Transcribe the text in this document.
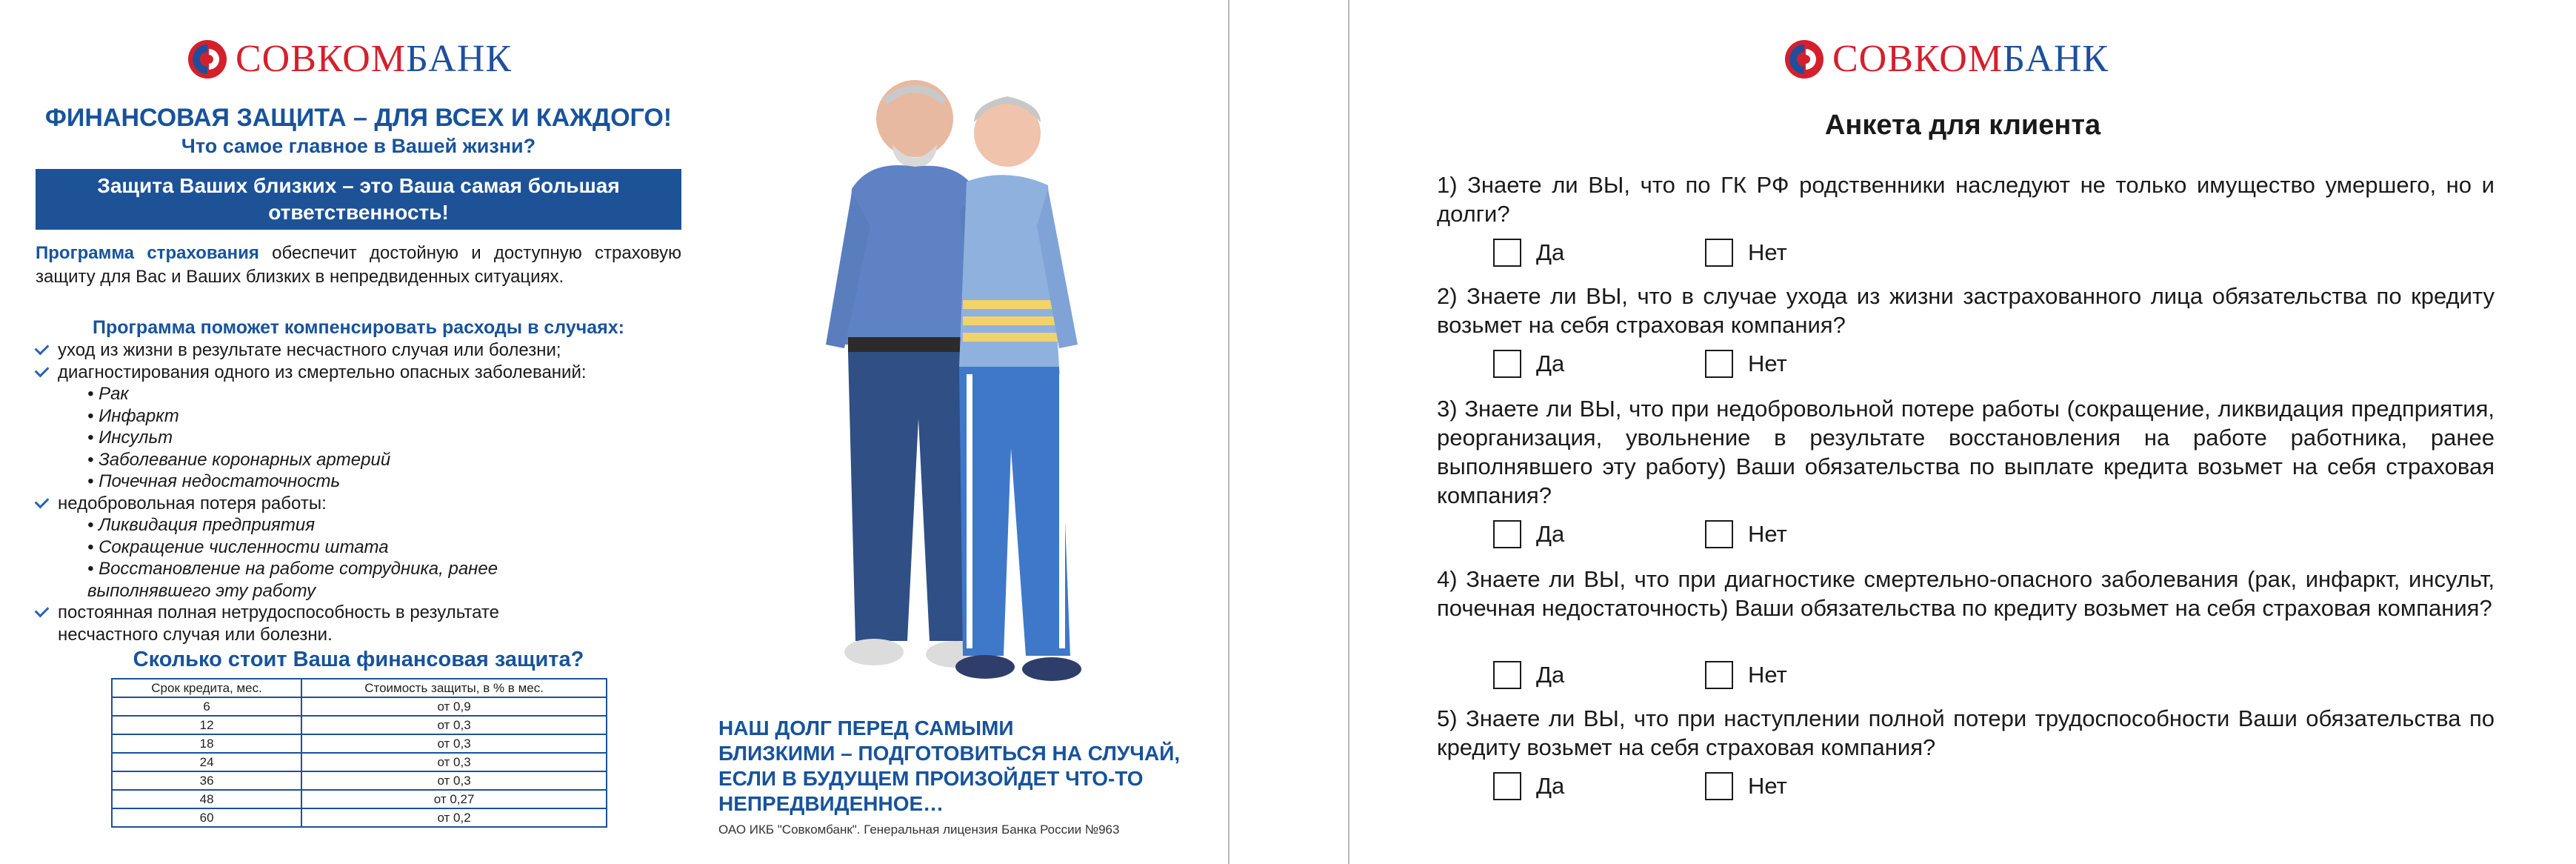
СОВКОМБАНК
ФИНАНСОВАЯ ЗАЩИТА – ДЛЯ ВСЕХ И КАЖДОГО!
Что самое главное в Вашей жизни?
Защита Ваших близких – это Ваша самая большая ответственность!
Программа страхования обеспечит достойную и доступную страховую защиту для Вас и Ваших близких в непредвиденных ситуациях.
Программа поможет компенсировать расходы в случаях:
уход из жизни в результате несчастного случая или болезни;
диагностирования одного из смертельно опасных заболеваний:
• Рак
• Инфаркт
• Инсульт
• Заболевание коронарных артерий
• Почечная недостаточность
недобровольная потеря работы:
• Ликвидация предприятия
• Сокращение численности штата
• Восстановление на работе сотрудника, ранее
выполнявшего эту работу
постоянная полная нетрудоспособность в результате
несчастного случая или болезни.
Сколько стоит Ваша финансовая защита?
Срок кредита, мес.	Стоимость защиты, в % в мес.
6	от 0,9
12	от 0,3
18	от 0,3
24	от 0,3
36	от 0,3
48	от 0,27
60	от 0,2
НАШ ДОЛГ ПЕРЕД САМЫМИ
БЛИЗКИМИ – ПОДГОТОВИТЬСЯ НА СЛУЧАЙ,
ЕСЛИ В БУДУЩЕМ ПРОИЗОЙДЕТ ЧТО-ТО
НЕПРЕДВИДЕННОЕ…
ОАО ИКБ "Совкомбанк". Генеральная лицензия Банка России №963
СОВКОМБАНК
Анкета для клиента
1) Знаете ли ВЫ, что по ГК РФ родственники наследуют не только имущество умершего, но и долги?
Да	Нет
2) Знаете ли ВЫ, что в случае ухода из жизни застрахованного лица обязательства по кредиту возьмет на себя страховая компания?
Да	Нет
3) Знаете ли ВЫ, что при недобровольной потере работы (сокращение, ликвидация предприятия, реорганизация, увольнение в результате восстановления на работе работника, ранее выполнявшего эту работу) Ваши обязательства по выплате кредита возьмет на себя страховая компания?
Да	Нет
4) Знаете ли ВЫ, что при диагностике смертельно-опасного заболевания (рак, инфаркт, инсульт, почечная недостаточность) Ваши обязательства по кредиту возьмет на себя страховая компания?
Да	Нет
5) Знаете ли ВЫ, что при наступлении полной потери трудоспособности Ваши обязательства по кредиту возьмет на себя страховая компания?
Да	Нет
